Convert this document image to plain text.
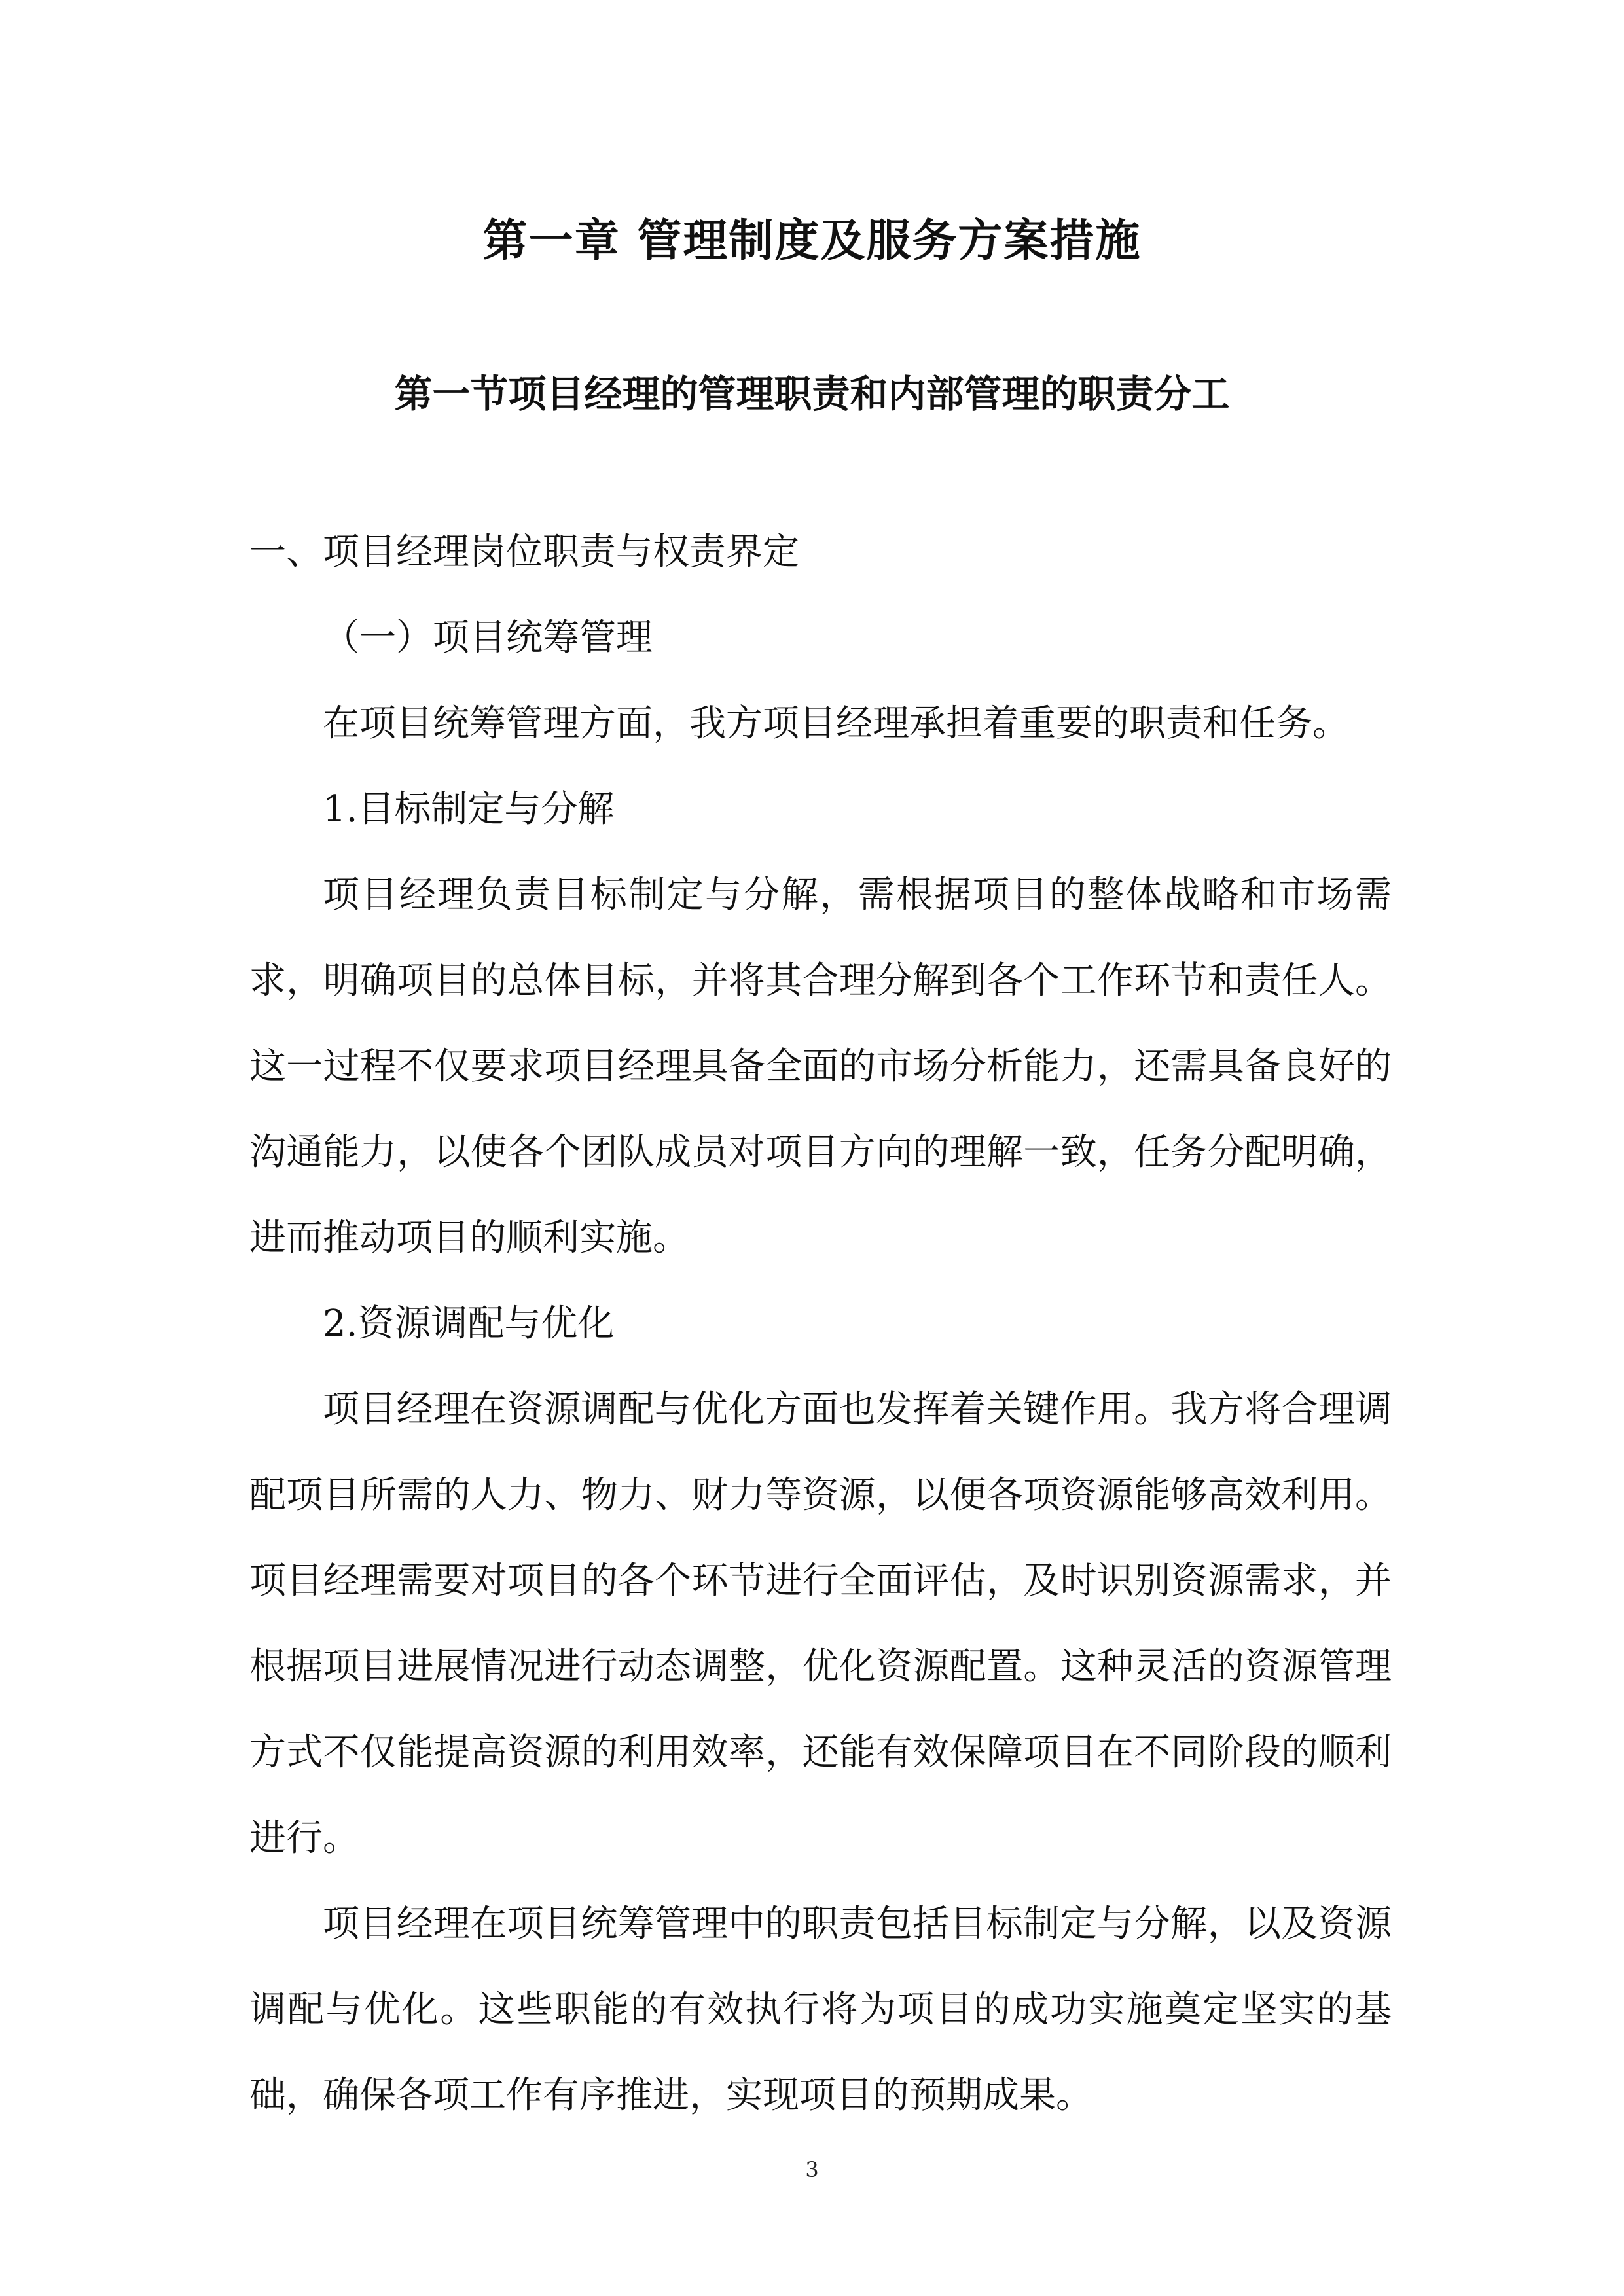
第一章 管理制度及服务方案措施
第一节项目经理的管理职责和内部管理的职责分工

一、项目经理岗位职责与权责界定

（一）项目统筹管理

在项目统筹管理方面，我方项目经理承担着重要的职责和任务。

1.目标制定与分解

项目经理负责目标制定与分解，需根据项目的整体战略和市场需求，明确项目的总体目标，并将其合理分解到各个工作环节和责任人。这一过程不仅要求项目经理具备全面的市场分析能力，还需具备良好的沟通能力，以使各个团队成员对项目方向的理解一致，任务分配明确，进而推动项目的顺利实施。

2.资源调配与优化

项目经理在资源调配与优化方面也发挥着关键作用。我方将合理调配项目所需的人力、物力、财力等资源，以便各项资源能够高效利用。项目经理需要对项目的各个环节进行全面评估，及时识别资源需求，并根据项目进展情况进行动态调整，优化资源配置。这种灵活的资源管理方式不仅能提高资源的利用效率，还能有效保障项目在不同阶段的顺利进行。

项目经理在项目统筹管理中的职责包括目标制定与分解，以及资源调配与优化。这些职能的有效执行将为项目的成功实施奠定坚实的基础，确保各项工作有序推进，实现项目的预期成果。

3
